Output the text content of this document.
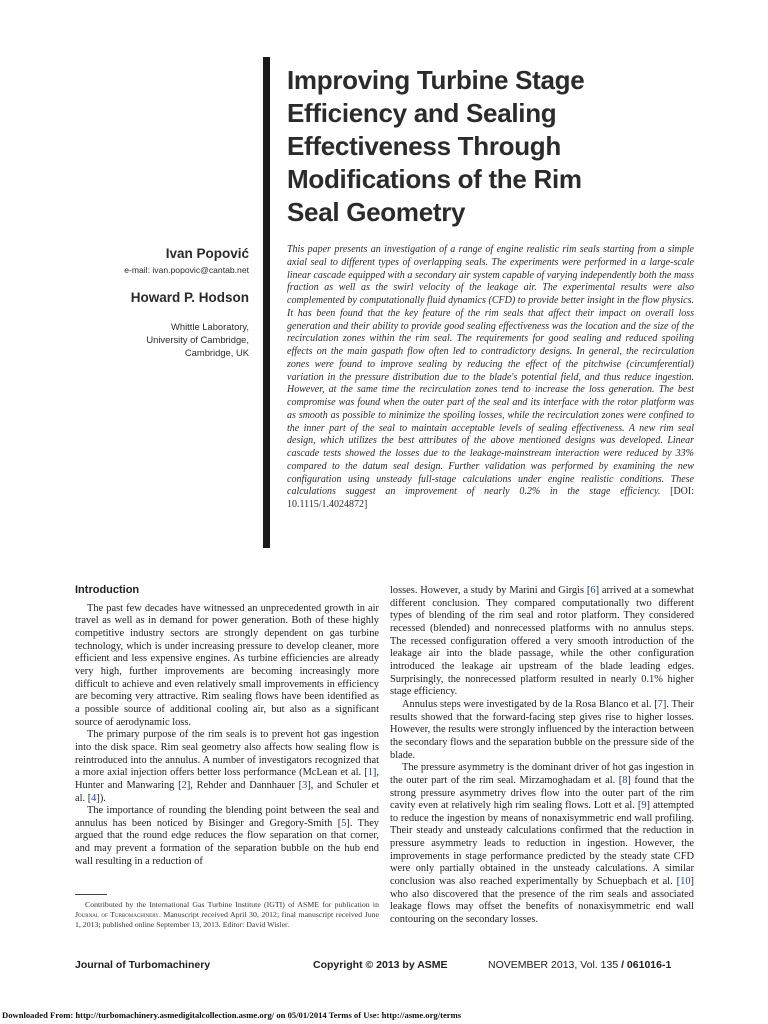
Improving Turbine Stage Efficiency and Sealing Effectiveness Through Modifications of the Rim Seal Geometry
Ivan Popović
e-mail: ivan.popovic@cantab.net
Howard P. Hodson
Whittle Laboratory,
University of Cambridge,
Cambridge, UK
This paper presents an investigation of a range of engine realistic rim seals starting from a simple axial seal to different types of overlapping seals. The experiments were performed in a large-scale linear cascade equipped with a secondary air system capable of varying independently both the mass fraction as well as the swirl velocity of the leakage air. The experimental results were also complemented by computationally fluid dynamics (CFD) to provide better insight in the flow physics. It has been found that the key feature of the rim seals that affect their impact on overall loss generation and their ability to provide good sealing effectiveness was the location and the size of the recirculation zones within the rim seal. The requirements for good sealing and reduced spoiling effects on the main gaspath flow often led to contradictory designs. In general, the recirculation zones were found to improve sealing by reducing the effect of the pitchwise (circumferential) variation in the pressure distribution due to the blade's potential field, and thus reduce ingestion. However, at the same time the recirculation zones tend to increase the loss generation. The best compromise was found when the outer part of the seal and its interface with the rotor platform was as smooth as possible to minimize the spoiling losses, while the recirculation zones were confined to the inner part of the seal to maintain acceptable levels of sealing effectiveness. A new rim seal design, which utilizes the best attributes of the above mentioned designs was developed. Linear cascade tests showed the losses due to the leakage-mainstream interaction were reduced by 33% compared to the datum seal design. Further validation was performed by examining the new configuration using unsteady full-stage calculations under engine realistic conditions. These calculations suggest an improvement of nearly 0.2% in the stage efficiency. [DOI: 10.1115/1.4024872]
Introduction

The past few decades have witnessed an unprecedented growth in air travel as well as in demand for power generation. Both of these highly competitive industry sectors are strongly dependent on gas turbine technology, which is under increasing pressure to develop cleaner, more efficient and less expensive engines. As turbine efficiencies are already very high, further improvements are becoming increasingly more difficult to achieve and even relatively small improvements in efficiency are becoming very attractive. Rim sealing flows have been identified as a possible source of additional cooling air, but also as a significant source of aerodynamic loss.

The primary purpose of the rim seals is to prevent hot gas ingestion into the disk space. Rim seal geometry also affects how sealing flow is reintroduced into the annulus. A number of investigators recognized that a more axial injection offers better loss performance (McLean et al. [1], Hunter and Manwaring [2], Rehder and Dannhauer [3], and Schuler et al. [4]).

The importance of rounding the blending point between the seal and annulus has been noticed by Bisinger and Gregory-Smith [5]. They argued that the round edge reduces the flow separation on that corner, and may prevent a formation of the separation bubble on the hub end wall resulting in a reduction of

losses. However, a study by Marini and Girgis [6] arrived at a somewhat different conclusion. They compared computationally two different types of blending of the rim seal and rotor platform. They considered recessed (blended) and nonrecessed platforms with no annulus steps. The recessed configuration offered a very smooth introduction of the leakage air into the blade passage, while the other configuration introduced the leakage air upstream of the blade leading edges. Surprisingly, the nonrecessed platform resulted in nearly 0.1% higher stage efficiency.

Annulus steps were investigated by de la Rosa Blanco et al. [7]. Their results showed that the forward-facing step gives rise to higher losses. However, the results were strongly influenced by the interaction between the secondary flows and the separation bubble on the pressure side of the blade.

The pressure asymmetry is the dominant driver of hot gas ingestion in the outer part of the rim seal. Mirzamoghadam et al. [8] found that the strong pressure asymmetry drives flow into the outer part of the rim cavity even at relatively high rim sealing flows. Lott et al. [9] attempted to reduce the ingestion by means of nonaxisymmetric end wall profiling. Their steady and unsteady calculations confirmed that the reduction in pressure asymmetry leads to reduction in ingestion. However, the improvements in stage performance predicted by the steady state CFD were only partially obtained in the unsteady calculations. A similar conclusion was also reached experimentally by Schuepbach et al. [10] who also discovered that the presence of the rim seals and associated leakage flows may offset the benefits of nonaxisymmetric end wall contouring on the secondary losses.

Contributed by the International Gas Turbine Institute (IGTI) of ASME for publication in Journal of Turbomachinery. Manuscript received April 30, 2012; final manuscript received June 1, 2013; published online September 13, 2013. Editor: David Wisler.
Journal of Turbomachinery	Copyright © 2013 by ASME	NOVEMBER 2013, Vol. 135 / 061016-1
Downloaded From: http://turbomachinery.asmedigitalcollection.asme.org/ on 05/01/2014 Terms of Use: http://asme.org/terms
